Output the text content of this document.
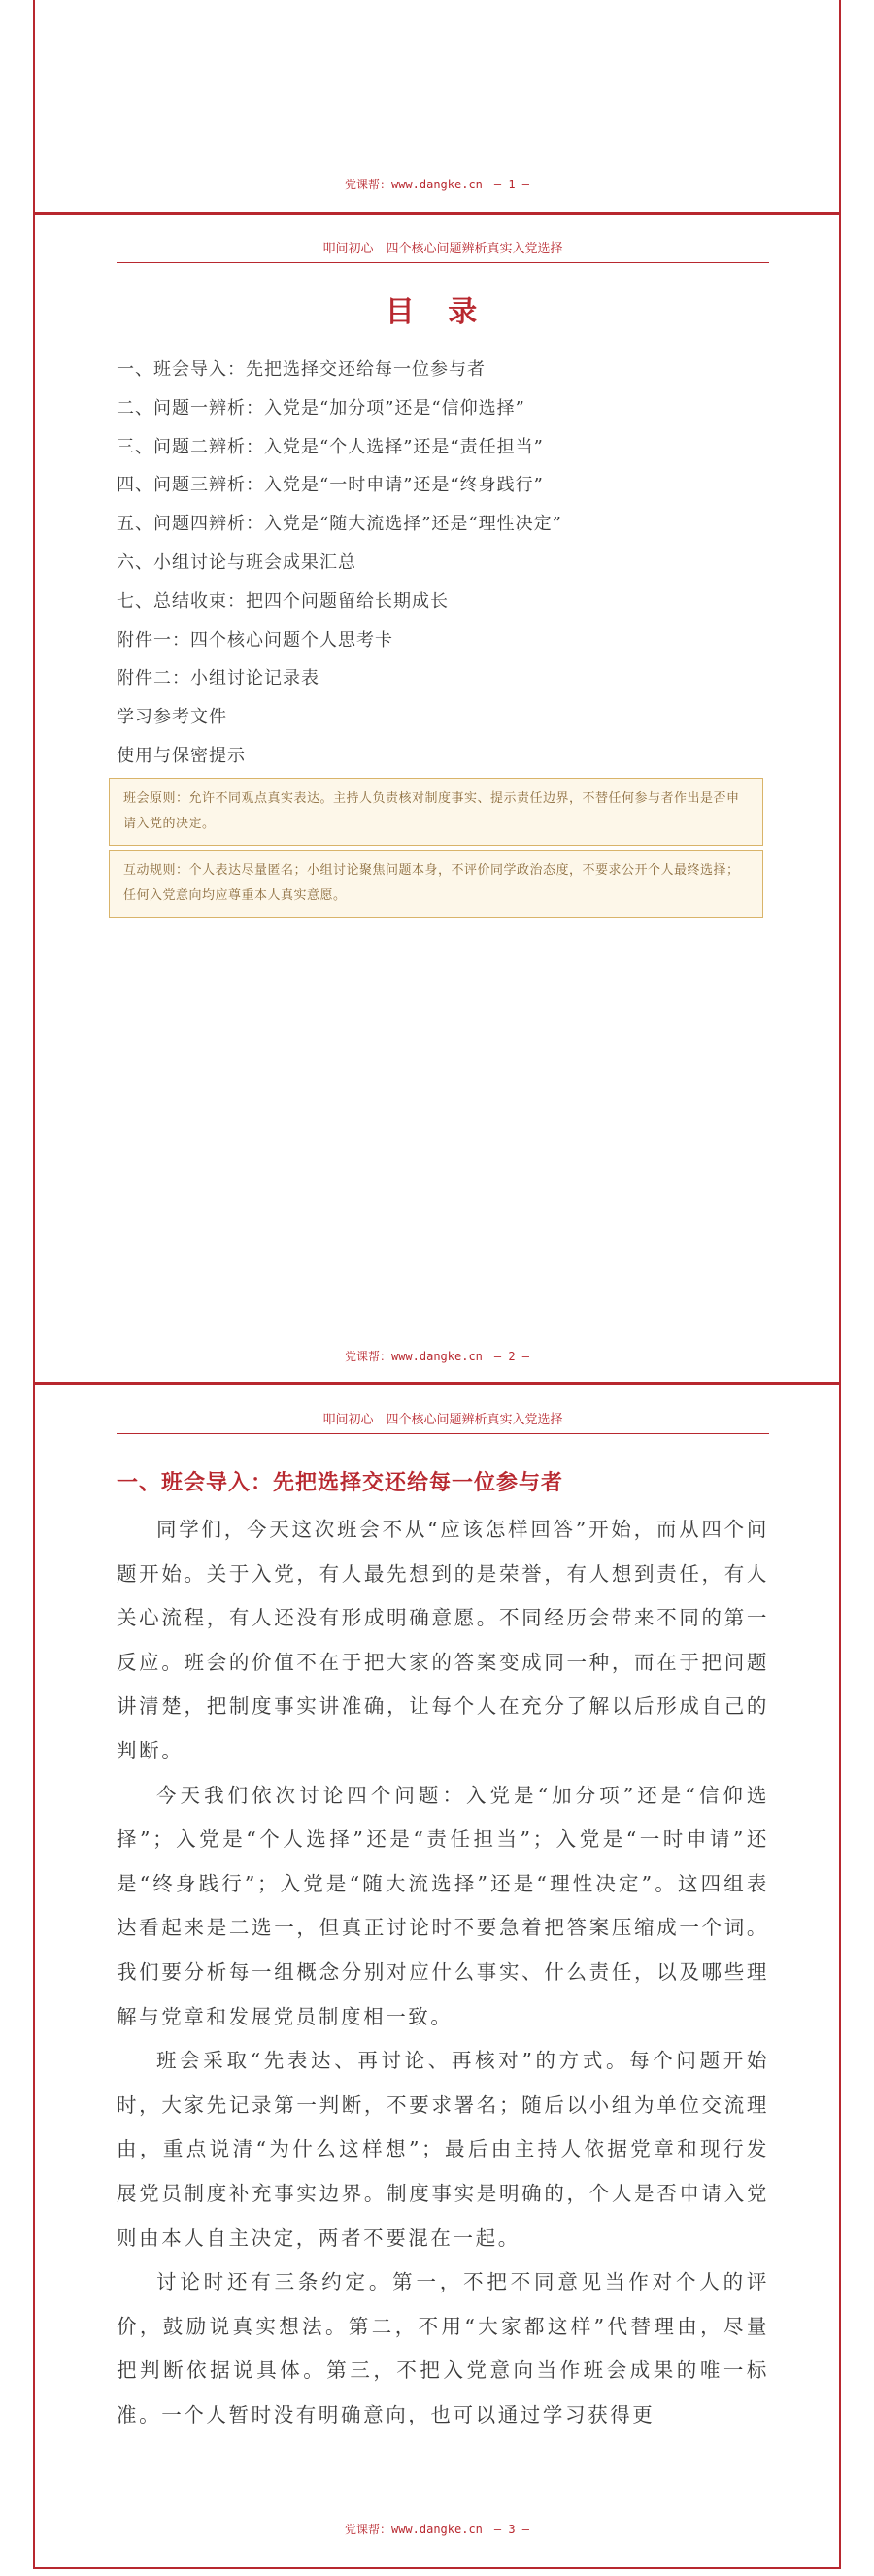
党课帮：www.dangke.cn — 1 —
叩问初心　四个核心问题辨析真实入党选择
目 录
一、班会导入：先把选择交还给每一位参与者
二、问题一辨析：入党是“加分项”还是“信仰选择”
三、问题二辨析：入党是“个人选择”还是“责任担当”
四、问题三辨析：入党是“一时申请”还是“终身践行”
五、问题四辨析：入党是“随大流选择”还是“理性决定”
六、小组讨论与班会成果汇总
七、总结收束：把四个问题留给长期成长
附件一：四个核心问题个人思考卡
附件二：小组讨论记录表
学习参考文件
使用与保密提示
班会原则：允许不同观点真实表达。主持人负责核对制度事实、提示责任边界，不替任何参与者作出是否申请入党的决定。
互动规则：个人表达尽量匿名；小组讨论聚焦问题本身，不评价同学政治态度，不要求公开个人最终选择；任何入党意向均应尊重本人真实意愿。
党课帮：www.dangke.cn — 2 —
叩问初心　四个核心问题辨析真实入党选择
一、班会导入：先把选择交还给每一位参与者

同学们，今天这次班会不从“应该怎样回答”开始，而从四个问题开始。关于入党，有人最先想到的是荣誉，有人想到责任，有人关心流程，有人还没有形成明确意愿。不同经历会带来不同的第一反应。班会的价值不在于把大家的答案变成同一种，而在于把问题讲清楚，把制度事实讲准确，让每个人在充分了解以后形成自己的判断。

今天我们依次讨论四个问题：入党是“加分项”还是“信仰选择”；入党是“个人选择”还是“责任担当”；入党是“一时申请”还是“终身践行”；入党是“随大流选择”还是“理性决定”。这四组表达看起来是二选一，但真正讨论时不要急着把答案压缩成一个词。我们要分析每一组概念分别对应什么事实、什么责任，以及哪些理解与党章和发展党员制度相一致。

班会采取“先表达、再讨论、再核对”的方式。每个问题开始时，大家先记录第一判断，不要求署名；随后以小组为单位交流理由，重点说清“为什么这样想”；最后由主持人依据党章和现行发展党员制度补充事实边界。制度事实是明确的，个人是否申请入党则由本人自主决定，两者不要混在一起。

讨论时还有三条约定。第一，不把不同意见当作对个人的评价，鼓励说真实想法。第二，不用“大家都这样”代替理由，尽量把判断依据说具体。第三，不把入党意向当作班会成果的唯一标准。一个人暂时没有明确意向，也可以通过学习获得更

党课帮：www.dangke.cn — 3 —
